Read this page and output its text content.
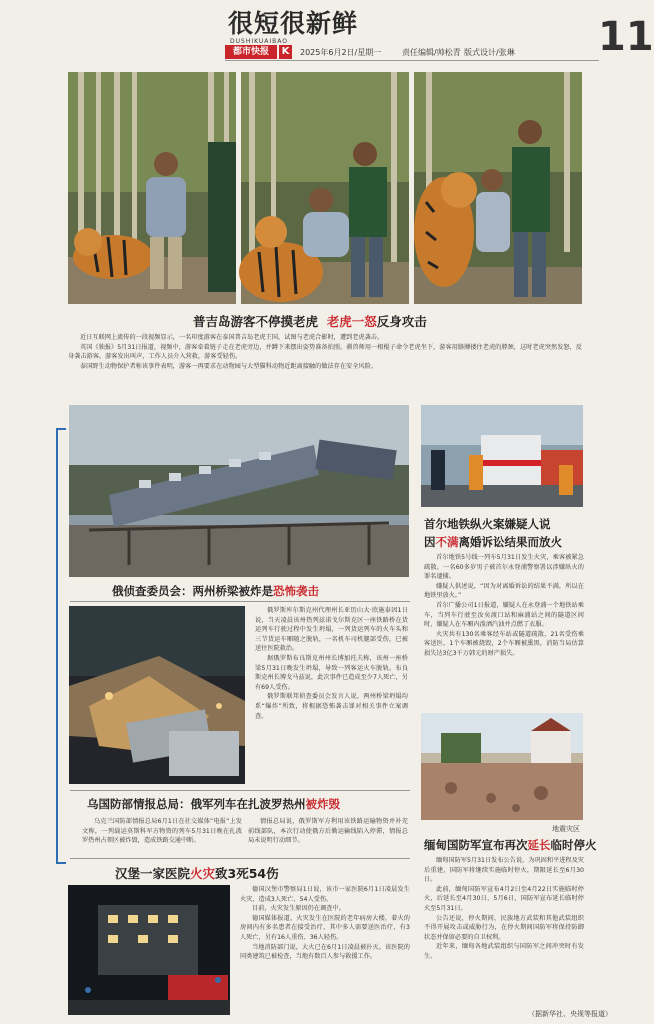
很短很新鲜
DUSHIKUAIBAO
都市快报	K	2025年6月2日/星期一	责任编辑/帅松青 版式设计/张琳 11
普吉岛游客不停摸老虎 老虎一怒反身攻击

近日互联网上流传的一段视频显示，一名印度游客在泰国普吉岛老虎王国，试图与老虎合影时，遭到老虎袭击。

英国《独报》5月31日报道，视频中，游客牵着链子走在老虎旁边，并蹲下来摆出姿势准备拍照。驯兽师用一根棍子命令老虎坐下，游客用胳膊搂住老虎的脖颈，这时老虎突然发怒，反身袭击游客。游客发出叫声，工作人员介入营救，游客受轻伤。

泰国野生动物保护者称该事件表明，游客一再要求在动物园与大型猫科动物近距离接触的做法存在安全风险。

俄侦查委员会：两州桥梁被炸是恐怖袭击

俄罗斯库尔斯克州代理州长亚历山大·欣施泰因1日说，当天凌晨该州热列兹诺戈尔斯克区一座铁路桥在货运列车行驶过程中发生坍塌，一列货运列车的火车头和三节货运车厢随之脱轨，一名机车司机腿部受伤，已被送往医院救治。

据俄罗斯布良斯克州州长博加托夫称，该州一座桥梁5月31日晚发生坍塌，导致一列客运火车脱轨。布良斯克州长博戈马兹说，此次事件已造成至少7人死亡，另有69人受伤。

俄罗斯联邦侦查委员会发言人说，两州桥梁坍塌均系“爆炸”所致，将根据恐怖袭击罪对相关事件立案调查。

乌国防部情报总局：俄军列车在扎波罗热州被炸毁

乌克兰国防部情报总局6月1日在社交媒体“电报”上发文称，一列载运莫斯科军方物资的列车5月31日晚在扎波罗热州占领区被炸毁，造成铁路交通中断。

情报总局说，俄罗斯军方利用该铁路运输物资并补充前线部队，本次行动使俄方后勤运输线陷入停滞，情报总局未说明行动细节。

首尔地铁纵火案嫌疑人说
因不满离婚诉讼结果而放火

首尔地铁5号线一列车5月31日发生火灾，乘客被紧急疏散。一名60多岁男子被首尔永登浦警察署以涉嫌纵火的罪名逮捕。

嫌疑人供述说，“因为对离婚诉讼的结果不满，所以在地铁里放火。”

首尔广播公司1日报道，嫌疑人在永登浦一个地铁站乘车，当列车行驶至汝矣渡口站和麻浦站之间的隧道区间时，嫌疑人在车厢内泼洒汽油并点燃了衣服。

火灾共有130名乘客经车站或隧道疏散，21名受伤乘客送医，1个车厢被烧毁，2个车厢被熏黑，消防当局估算损失达3亿3千万韩元的财产损失。

地震灾区
缅甸国防军宣布再次延长临时停火

缅甸国防军5月31日发布公告说，为巩固和平进程及灾后重建，国防军将继续实施临时停火，期限延长至6月30日。

此前，缅甸国防军宣布4月2日至4月22日实施临时停火，后延长至4月30日、5月6日，国防军宣布延长临时停火至5月31日。

公告还说，停火期间，民族地方武装和其他武装组织不得开展攻击或威胁行为，在停火期间国防军将保持防御状态并保留必要的自卫权利。

近年来，缅甸各地武装组织与国防军之间冲突时有发生。

（据新华社、央视等报道）
汉堡一家医院火灾致3死54伤

德国汉堡市警察局1日说，该市一家医院6月1日凌晨发生火灾，造成3人死亡、54人受伤。

目前，火灾发生原因仍在调查中。

德国媒体报道，火灾发生在医院的老年病房大楼，着火的房间内有多名患者在接受治疗，其中多人需要送医治疗，有3人死亡，另有16人重伤、36人轻伤。

当地消防部门说，大火已在6月1日凌晨被扑灭。该医院的同类建筑已被检查，当地有数百人参与救援工作。
